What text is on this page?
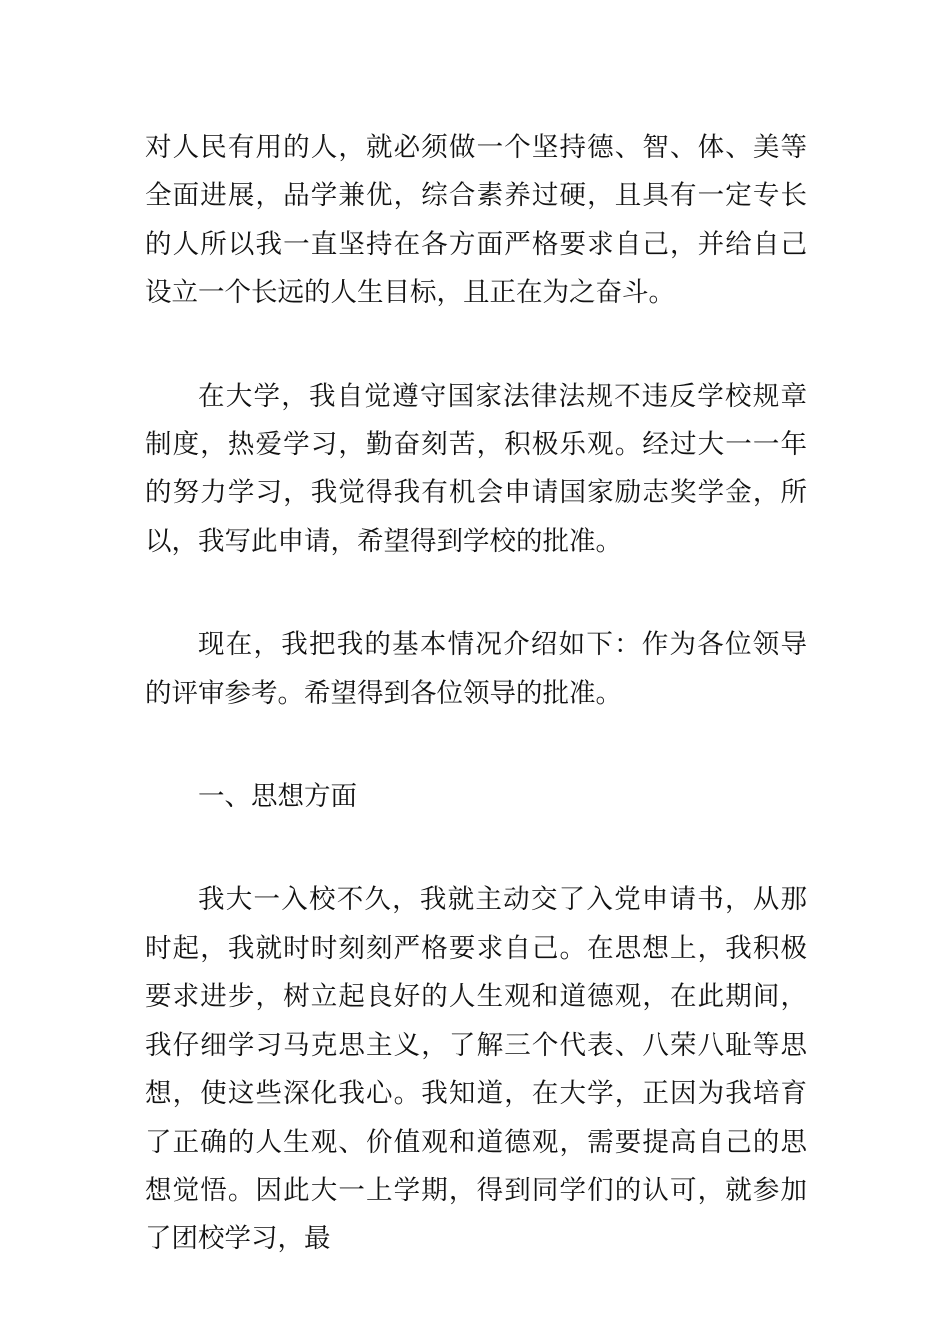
对人民有用的人，就必须做一个坚持德、智、体、美等全面进展，品学兼优，综合素养过硬，且具有一定专长的人所以我一直坚持在各方面严格要求自己，并给自己设立一个长远的人生目标，且正在为之奋斗。

在大学，我自觉遵守国家法律法规不违反学校规章制度，热爱学习，勤奋刻苦，积极乐观。经过大一一年的努力学习，我觉得我有机会申请国家励志奖学金，所以，我写此申请，希望得到学校的批准。

现在，我把我的基本情况介绍如下：作为各位领导的评审参考。希望得到各位领导的批准。

一、思想方面

我大一入校不久，我就主动交了入党申请书，从那时起，我就时时刻刻严格要求自己。在思想上，我积极要求进步，树立起良好的人生观和道德观，在此期间，我仔细学习马克思主义，了解三个代表、八荣八耻等思想，使这些深化我心。我知道，在大学，正因为我培育了正确的人生观、价值观和道德观，需要提高自己的思想觉悟。因此大一上学期，得到同学们的认可，就参加了团校学习，最
